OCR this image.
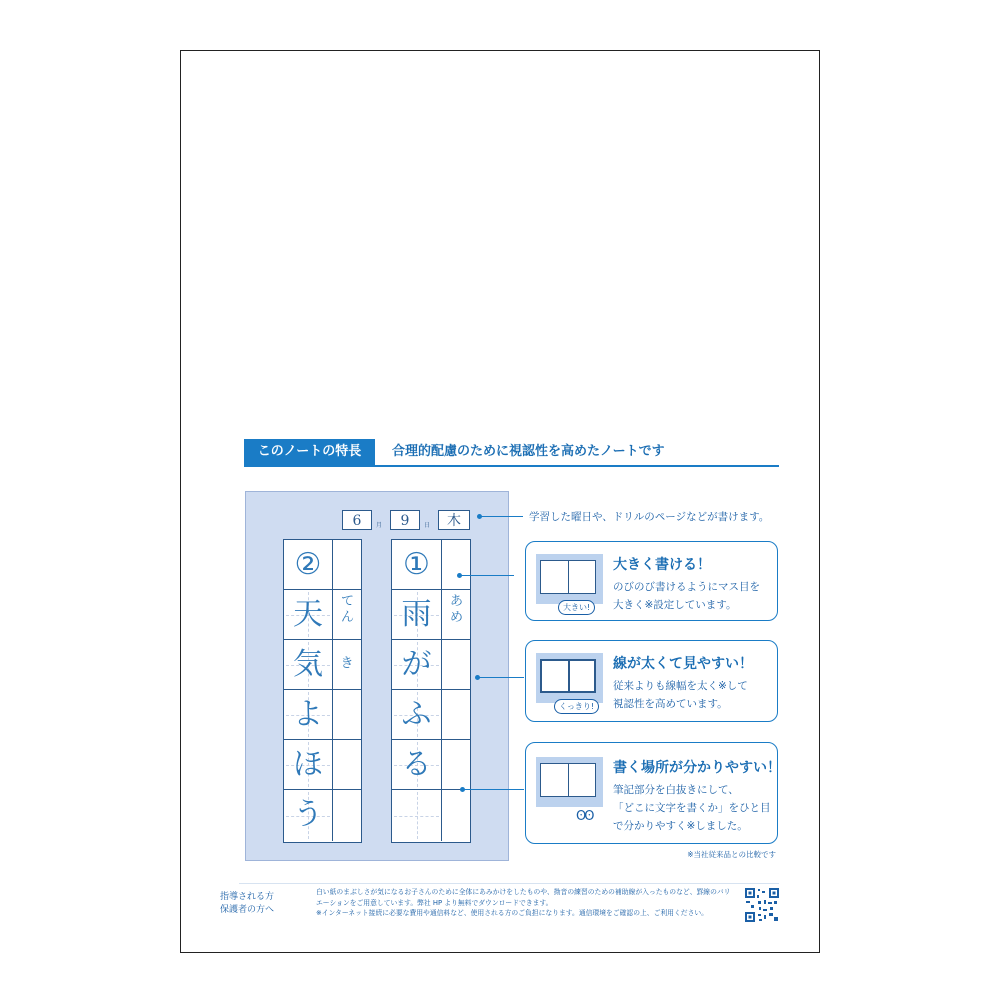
このノートの特長	合理的配慮のために視認性を高めたノートです
6	月	9	日	木
②
天	て
ん
気	き
よ
ほ
う
①
雨	あ
め
が
ふ
る
学習した曜日や、ドリルのページなどが書けます。
大きい!
大きく書ける！
のびのび書けるようにマス目を
大きく※設定しています。
くっきり!
線が太くて見やすい！
従来よりも線幅を太く※して
視認性を高めています。
ʘʘ
書く場所が分かりやすい！
筆記部分を白抜きにして、
「どこに文字を書くか」をひと目
で分かりやすく※しました。
※当社従来品との比較です
指導される方
保護者の方へ
白い紙のまぶしさが気になるお子さんのために全体にあみかけをしたものや、拗音の練習のための補助線が入ったものなど、罫線のバリエーションをご用意しています。弊社 HP より無料でダウンロードできます。
※インターネット接続に必要な費用や通信料など、使用される方のご負担になります。通信環境をご確認の上、ご利用ください。
